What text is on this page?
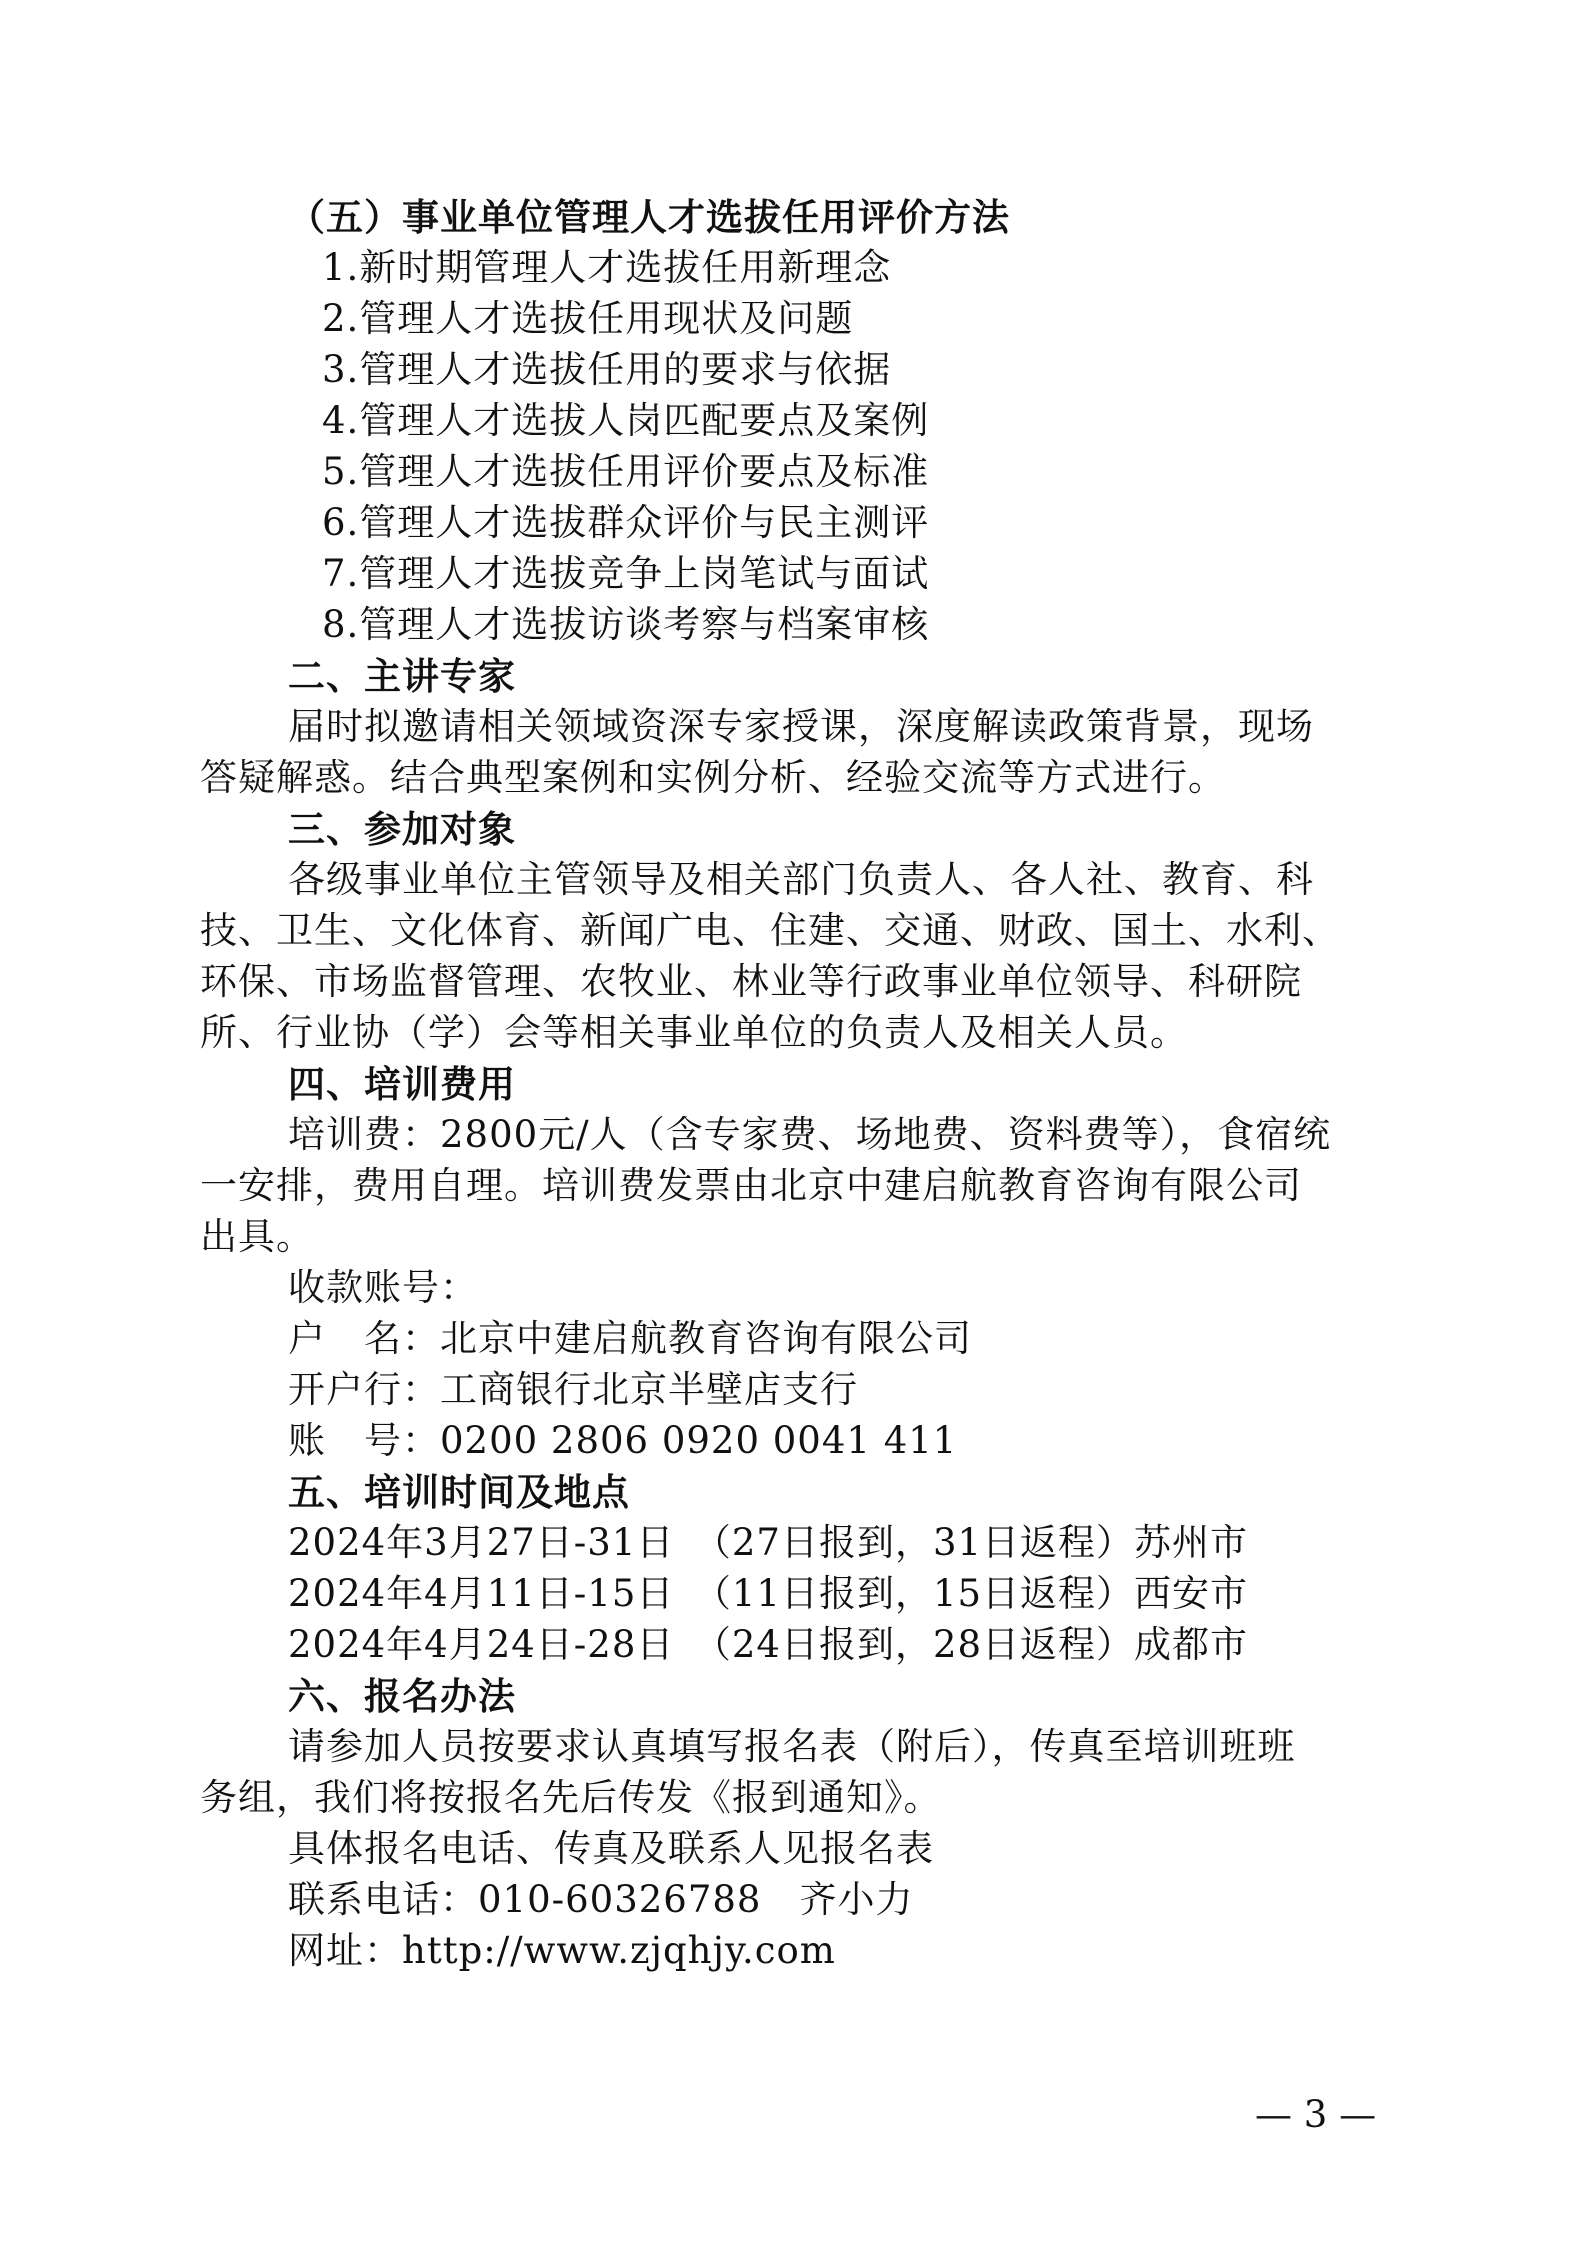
（五）事业单位管理人才选拔任用评价方法
1.新时期管理人才选拔任用新理念
2.管理人才选拔任用现状及问题
3.管理人才选拔任用的要求与依据
4.管理人才选拔人岗匹配要点及案例
5.管理人才选拔任用评价要点及标准
6.管理人才选拔群众评价与民主测评
7.管理人才选拔竞争上岗笔试与面试
8.管理人才选拔访谈考察与档案审核
二、主讲专家
届时拟邀请相关领域资深专家授课，深度解读政策背景，现场
答疑解惑。结合典型案例和实例分析、经验交流等方式进行。
三、参加对象
各级事业单位主管领导及相关部门负责人、各人社、教育、科
技、卫生、文化体育、新闻广电、住建、交通、财政、国土、水利、
环保、市场监督管理、农牧业、林业等行政事业单位领导、科研院
所、行业协（学）会等相关事业单位的负责人及相关人员。
四、培训费用
培训费：2800元/人（含专家费、场地费、资料费等），食宿统
一安排，费用自理。培训费发票由北京中建启航教育咨询有限公司
出具。
收款账号：
户　名：北京中建启航教育咨询有限公司
开户行：工商银行北京半壁店支行
账　号：0200 2806 0920 0041 411
五、培训时间及地点
2024年3月27日-31日　（27日报到，31日返程）苏州市
2024年4月11日-15日　（11日报到，15日返程）西安市
2024年4月24日-28日　（24日报到，28日返程）成都市
六、报名办法
请参加人员按要求认真填写报名表（附后），传真至培训班班
务组，我们将按报名先后传发《报到通知》。
具体报名电话、传真及联系人见报名表
联系电话：010-60326788　齐小力
网址：http://www.zjqhjy.com
— 3 —
